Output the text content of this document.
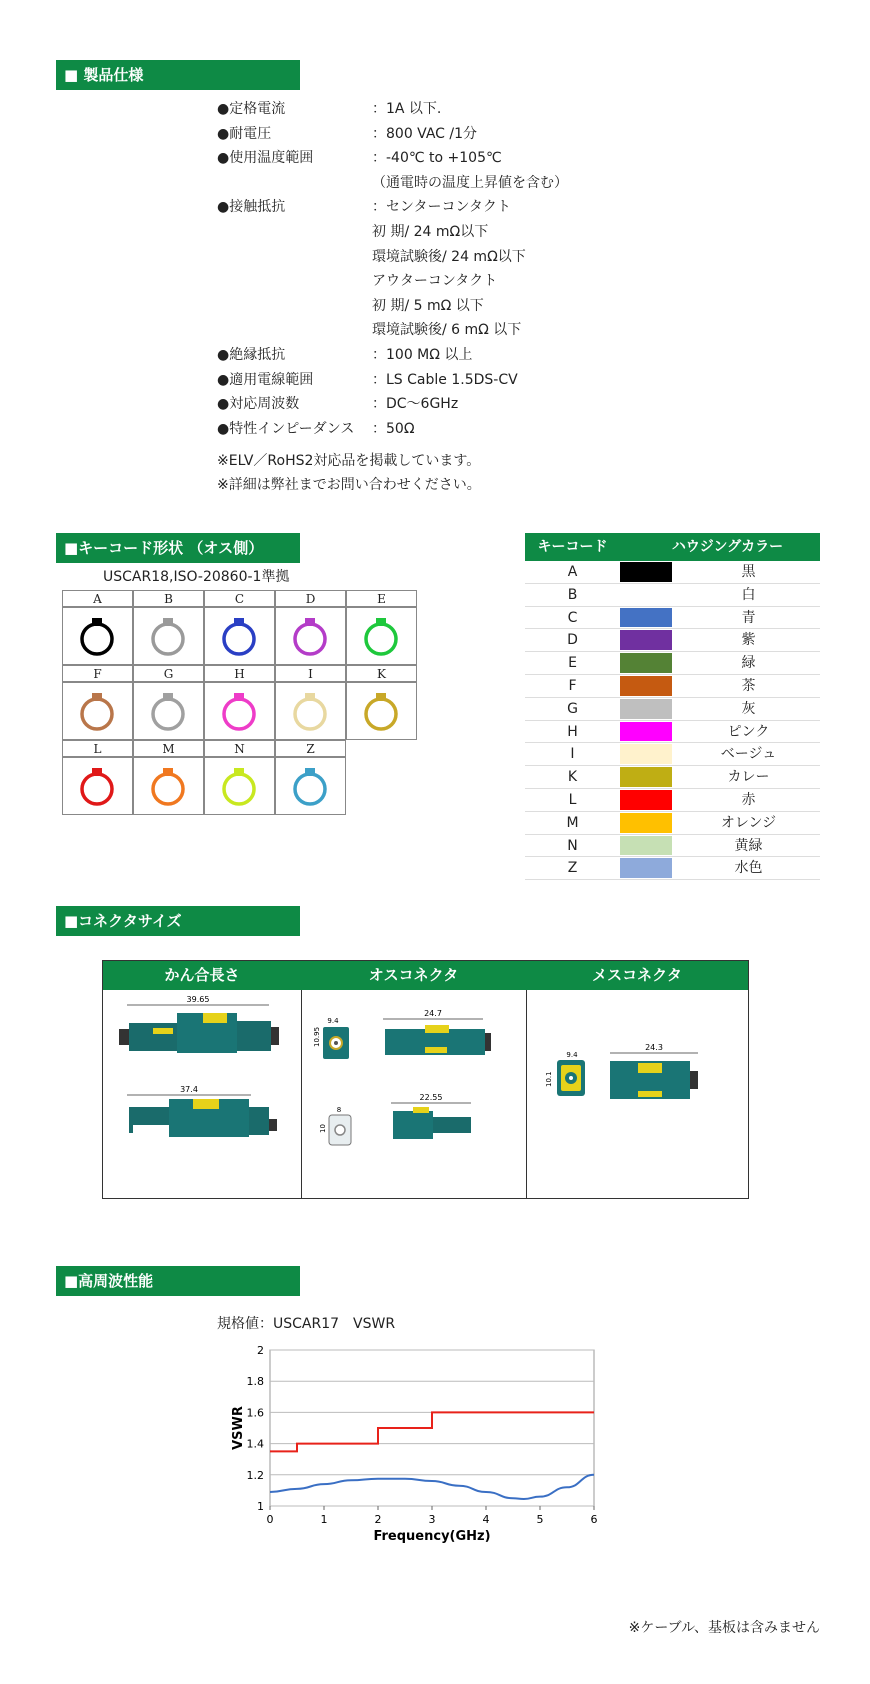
■ 製品仕様
●定格電流	：1A 以下.
●耐電圧	：800 VAC /1分
●使用温度範囲	：-40℃ to +105℃
（通電時の温度上昇値を含む）
●接触抵抗	：センターコンタクト
初 期/ 24 mΩ以下
環境試験後/ 24 mΩ以下
アウターコンタクト
初 期/ 5 mΩ 以下
環境試験後/ 6 mΩ 以下
●絶縁抵抗	：100 MΩ 以上
●適用電線範囲	：LS Cable 1.5DS-CV
●対応周波数	：DC～6GHz
●特性インピーダンス ：50Ω
※ELV／RoHS2対応品を掲載しています。
※詳細は弊社までお問い合わせください。
■キーコード形状 （オス側）
USCAR18,ISO-20860-1準拠
A	B	C	D	E
F	G	H	I	K
L	M	N	Z
キーコード	ハウジングカラー
A	黒
B	白
C	青
D	紫
E	緑
F	茶
G	灰
H	ピンク
I	ベージュ
K	カレー
L	赤
M	オレンジ
N	黄緑
Z	水色
■コネクタサイズ
かん合長さ
39.65
37.4
オスコネクタ
9.4
10.95
24.7
8
10
22.55
メスコネクタ
9.4
10.1
24.3
■高周波性能
規格値：USCAR17　VSWR
1
1.2
1.4
1.6
1.8
2
0	1	2	3	4	5	6
Frequency(GHz)
VSWR
※ケーブル、基板は含みません
